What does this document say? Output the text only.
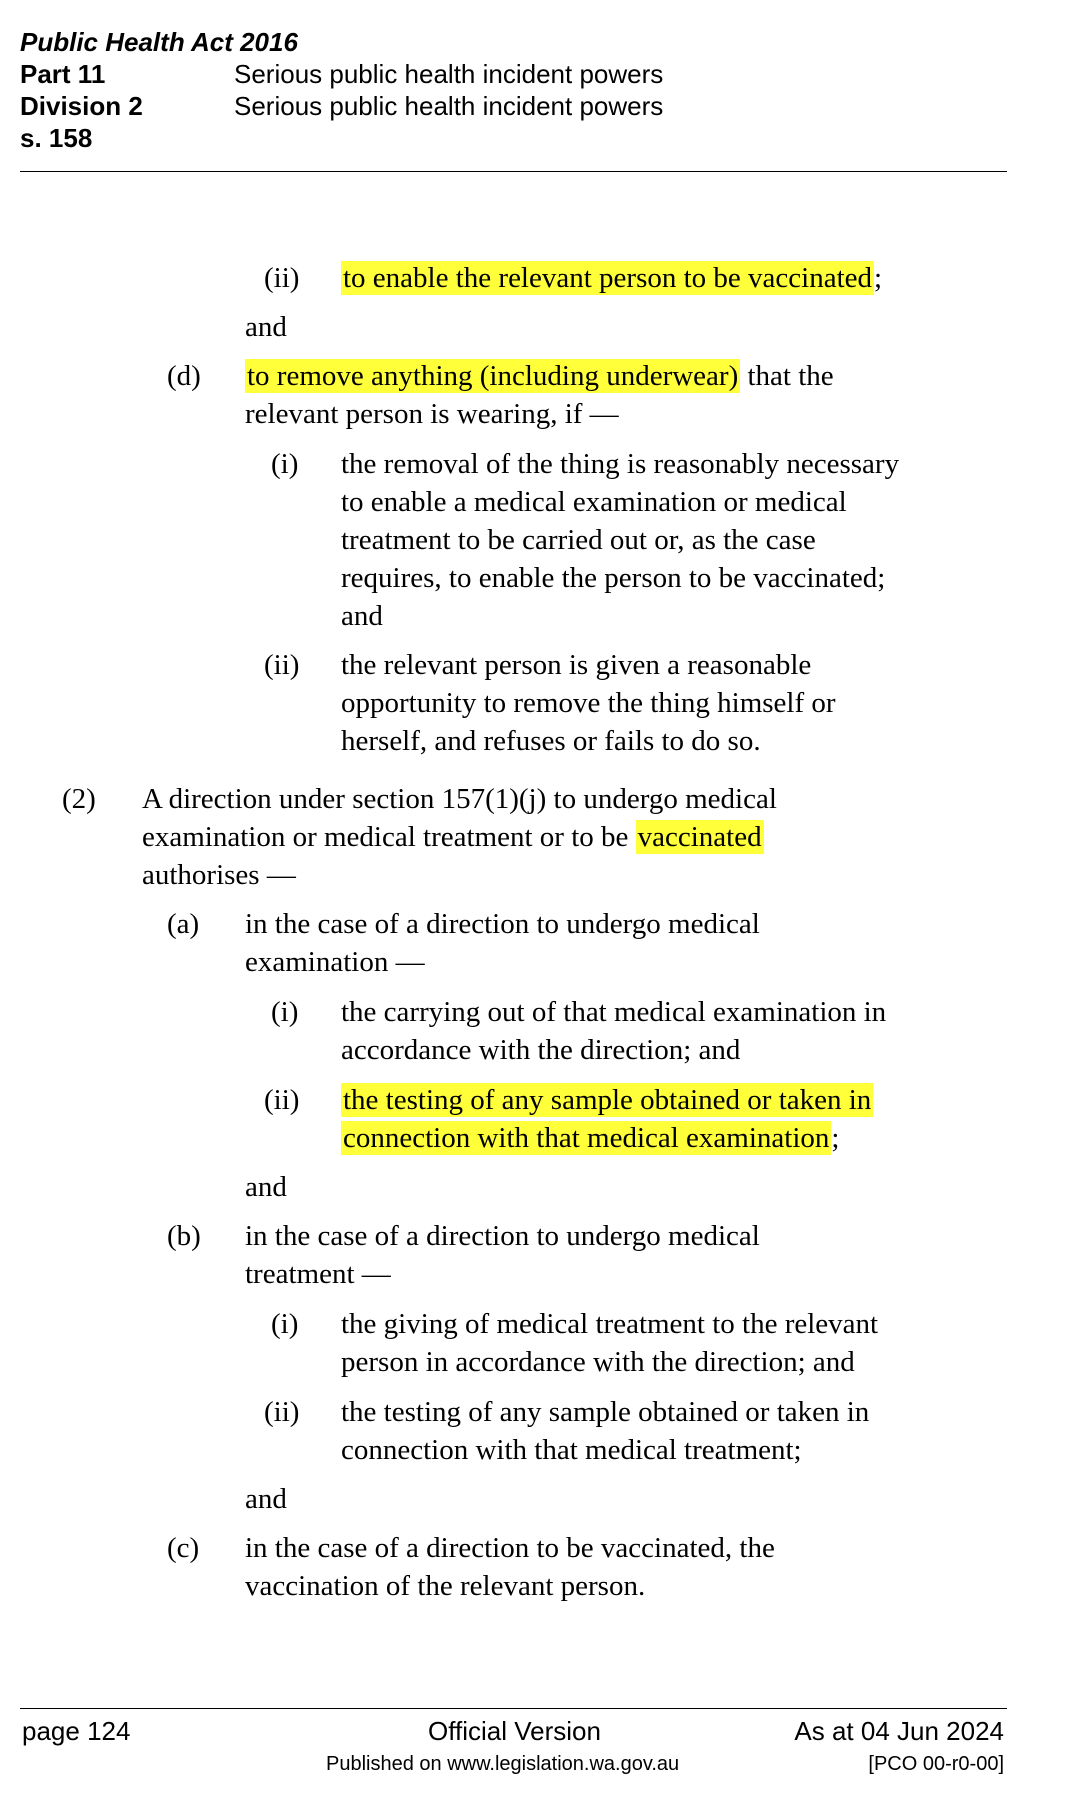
Public Health Act 2016
Part 11	Serious public health incident powers
Division 2	Serious public health incident powers
s. 158
(ii) to enable the relevant person to be vaccinated;
and
(d) to remove anything (including underwear) that the
relevant person is wearing, if —
(i) the removal of the thing is reasonably necessary
to enable a medical examination or medical
treatment to be carried out or, as the case
requires, to enable the person to be vaccinated;
and
(ii) the relevant person is given a reasonable
opportunity to remove the thing himself or
herself, and refuses or fails to do so.
(2) A direction under section 157(1)(j) to undergo medical
examination or medical treatment or to be vaccinated
authorises —
(a) in the case of a direction to undergo medical
examination —
(i) the carrying out of that medical examination in
accordance with the direction; and
(ii) the testing of any sample obtained or taken in
connection with that medical examination;
and
(b) in the case of a direction to undergo medical
treatment —
(i) the giving of medical treatment to the relevant
person in accordance with the direction; and
(ii) the testing of any sample obtained or taken in
connection with that medical treatment;
and
(c) in the case of a direction to be vaccinated, the
vaccination of the relevant person.
page 124	Official Version	As at 04 Jun 2024
Published on www.legislation.wa.gov.au	[PCO 00-r0-00]
